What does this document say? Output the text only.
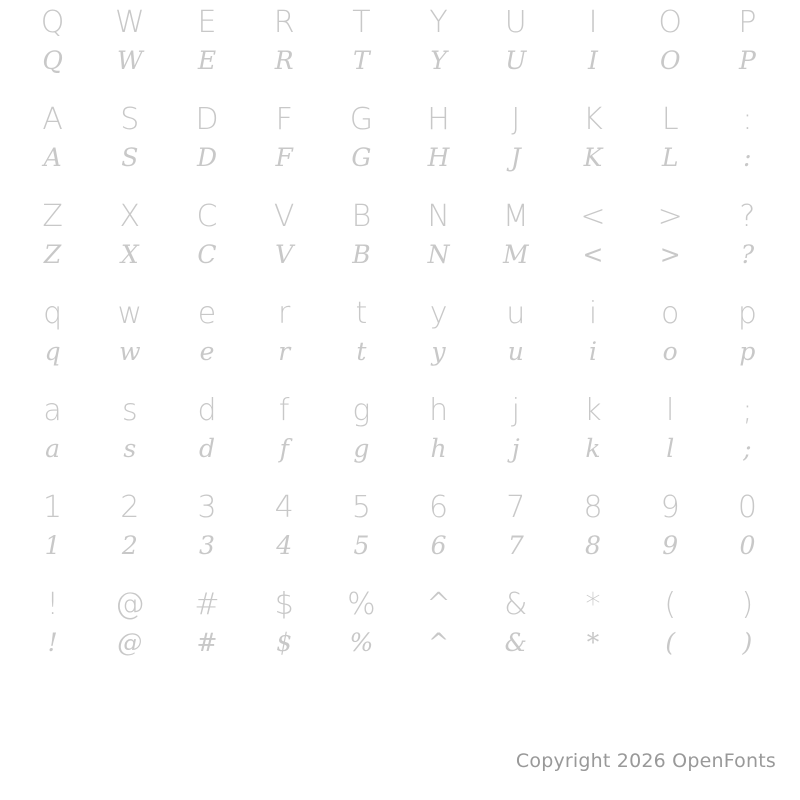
Q
Q
W
W
E
E
R
R
T
T
Y
Y
U
U
I
I
O
O
P
P
A
A
S
S
D
D
F
F
G
G
H
H
J
J
K
K
L
L
:
:
Z
Z
X
X
C
C
V
V
B
B
N
N
M
M
<
<
>
>
?
?
q
q
w
w
e
e
r
r
t
t
y
y
u
u
i
i
o
o
p
p
a
a
s
s
d
d
f
f
g
g
h
h
j
j
k
k
l
l
;
;
1
1
2
2
3
3
4
4
5
5
6
6
7
7
8
8
9
9
0
0
!
!
@
@
#
#
$
$
%
%
^
^
&
&
*
*
(
(
)
)
Copyright 2026 OpenFonts
